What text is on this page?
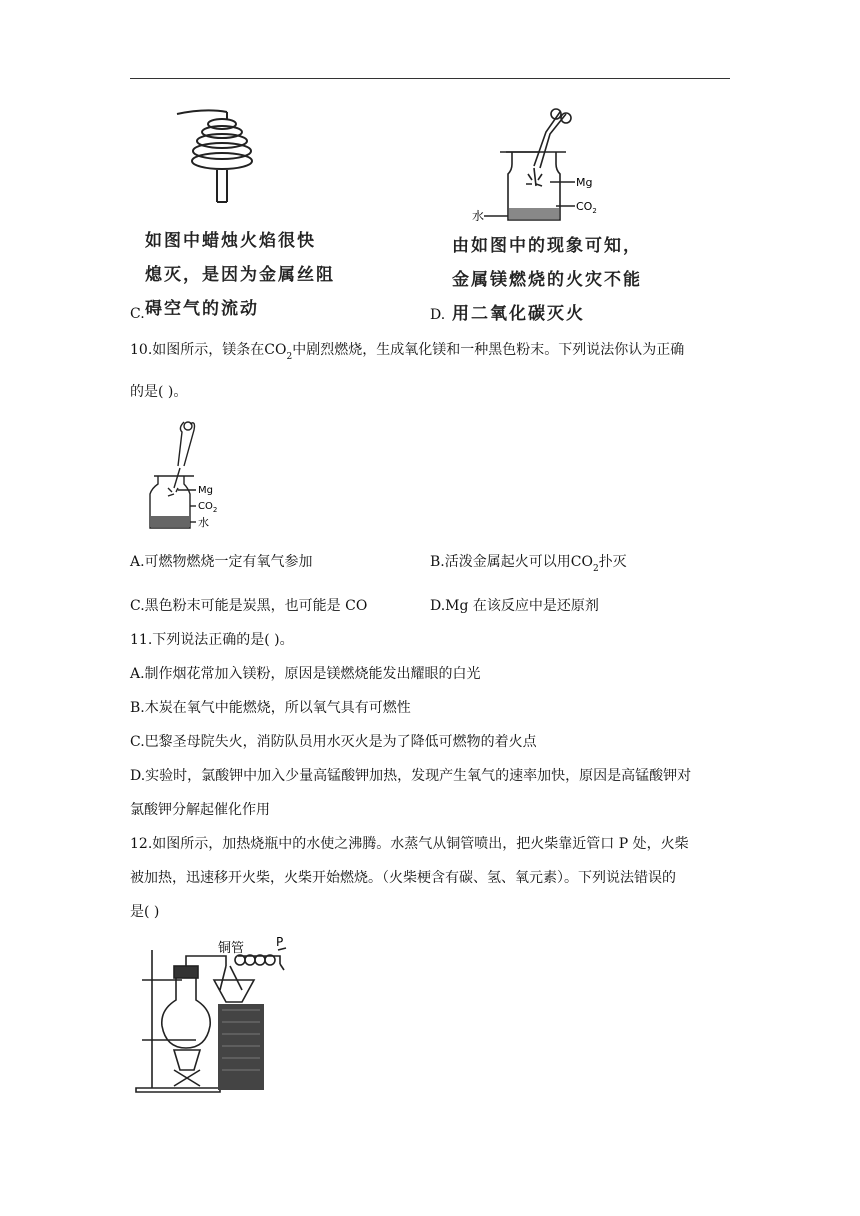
如图中蜡烛火焰很快
熄灭，是因为金属丝阻
碍空气的流动
C.
Mg
$CO_2$
水
由如图中的现象可知，
金属镁燃烧的火灾不能
用二氧化碳灭火
D.
10.如图所示，镁条在$CO_2$中剧烈燃烧，生成氧化镁和一种黑色粉末。下列说法你认为正确
的是( )。
Mg
$CO_2$
水
A.可燃物燃烧一定有氧气参加	B.活泼金属起火可以用$CO_2$扑灭
C.黑色粉末可能是炭黑，也可能是 CO	D.Mg 在该反应中是还原剂
11.下列说法正确的是( )。
A.制作烟花常加入镁粉，原因是镁燃烧能发出耀眼的白光
B.木炭在氧气中能燃烧，所以氧气具有可燃性
C.巴黎圣母院失火，消防队员用水灭火是为了降低可燃物的着火点
D.实验时，氯酸钾中加入少量高锰酸钾加热，发现产生氧气的速率加快，原因是高锰酸钾对
氯酸钾分解起催化作用
12.如图所示，加热烧瓶中的水使之沸腾。水蒸气从铜管喷出，把火柴靠近管口 P 处，火柴
被加热，迅速移开火柴，火柴开始燃烧。（火柴梗含有碳、氢、氧元素）。下列说法错误的
是( )
铜管	P
